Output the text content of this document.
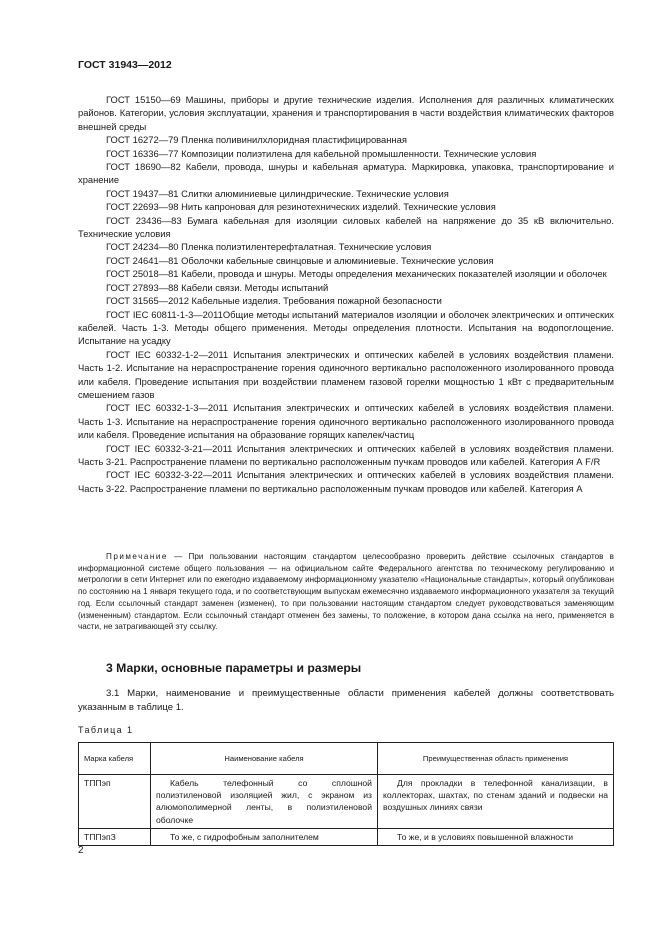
ГОСТ 31943—2012

ГОСТ 15150—69 Машины, приборы и другие технические изделия. Исполнения для различных климатических районов. Категории, условия эксплуатации, хранения и транспортирования в части воздействия климатических факторов внешней среды

ГОСТ 16272—79 Пленка поливинилхлоридная пластифицированная

ГОСТ 16336—77 Композиции полиэтилена для кабельной промышленности. Технические условия

ГОСТ 18690—82 Кабели, провода, шнуры и кабельная арматура. Маркировка, упаковка, транспортирование и хранение

ГОСТ 19437—81 Слитки алюминиевые цилиндрические. Технические условия

ГОСТ 22693—98 Нить капроновая для резинотехнических изделий. Технические условия

ГОСТ 23436—83 Бумага кабельная для изоляции силовых кабелей на напряжение до 35 кВ включительно. Технические условия

ГОСТ 24234—80 Пленка полиэтилентерефталатная. Технические условия

ГОСТ 24641—81 Оболочки кабельные свинцовые и алюминиевые. Технические условия

ГОСТ 25018—81 Кабели, провода и шнуры. Методы определения механических показателей изоляции и оболочек

ГОСТ 27893—88 Кабели связи. Методы испытаний

ГОСТ 31565—2012 Кабельные изделия. Требования пожарной безопасности

ГОСТ IEC 60811-1-3—2011Общие методы испытаний материалов изоляции и оболочек электрических и оптических кабелей. Часть 1-3. Методы общего применения. Методы определения плотности. Испытания на водопоглощение. Испытание на усадку

ГОСТ IEC 60332-1-2—2011 Испытания электрических и оптических кабелей в условиях воздействия пламени. Часть 1-2. Испытание на нераспространение горения одиночного вертикально расположенного изолированного провода или кабеля. Проведение испытания при воздействии пламенем газовой горелки мощностью 1 кВт с предварительным смешением газов

ГОСТ IEC 60332-1-3—2011 Испытания электрических и оптических кабелей в условиях воздействия пламени. Часть 1-3. Испытание на нераспространение горения одиночного вертикально расположенного изолированного провода или кабеля. Проведение испытания на образование горящих капелек/частиц

ГОСТ IEC 60332-3-21—2011 Испытания электрических и оптических кабелей в условиях воздействия пламени. Часть 3-21. Распространение пламени по вертикально расположенным пучкам проводов или кабелей. Категория А F/R

ГОСТ IEC 60332-3-22—2011 Испытания электрических и оптических кабелей в условиях воздействия пламени. Часть 3-22. Распространение пламени по вертикально расположенным пучкам проводов или кабелей. Категория А

Примечание — При пользовании настоящим стандартом целесообразно проверить действие ссылочных стандартов в информационной системе общего пользования — на официальном сайте Федерального агентства по техническому регулированию и метрологии в сети Интернет или по ежегодно издаваемому информационному указателю «Национальные стандарты», который опубликован по состоянию на 1 января текущего года, и по соответствующим выпускам ежемесячно издаваемого информационного указателя за текущий год. Если ссылочный стандарт заменен (изменен), то при пользовании настоящим стандартом следует руководствоваться заменяющим (измененным) стандартом. Если ссылочный стандарт отменен без замены, то положение, в котором дана ссылка на него, применяется в части, не затрагивающей эту ссылку.

3 Марки, основные параметры и размеры

3.1 Марки, наименование и преимущественные области применения кабелей должны соответствовать указанным в таблице 1.

Таблица 1
Марка кабеля	Наименование кабеля	Преимущественная область применения
ТППэп	Кабель телефонный со сплошной полиэтиленовой изоляцией жил, с экраном из алюмополимерной ленты, в полиэтиленовой оболочке	Для прокладки в телефонной канализации, в коллекторах, шахтах, по стенам зданий и подвески на воздушных линиях связи

ТППэпЗ	То же, с гидрофобным заполнителем	То же, и в условиях повышенной влажности
2
